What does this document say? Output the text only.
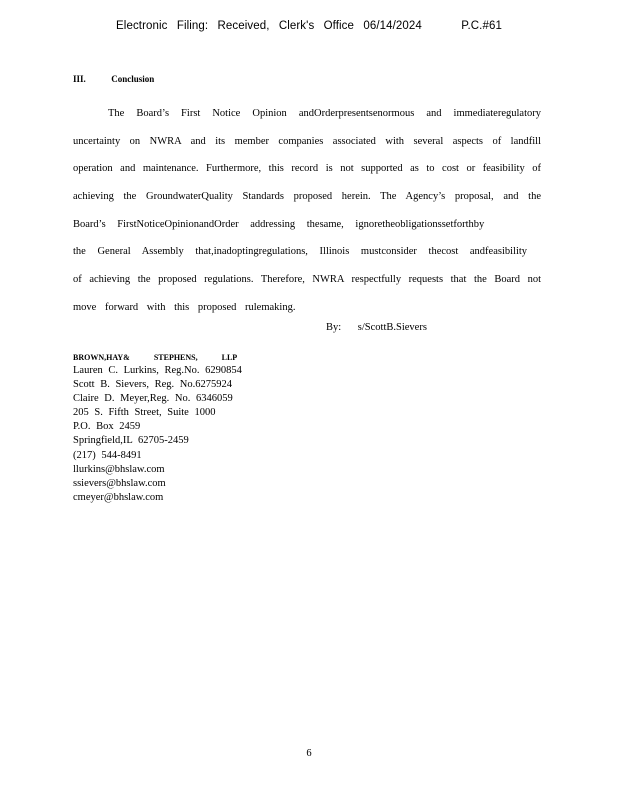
Electronic Filing: Received, Clerk's Office 06/14/2024	P.C.#61
III.	Conclusion
The Board’s First Notice Opinion andOrderpresentsenormous and immediateregulatory
uncertainty on NWRA and its member companies associated with several aspects of landfill
operation and maintenance. Furthermore, this record is not supported as to cost or feasibility of
achieving the GroundwaterQuality Standards proposed herein. The Agency’s proposal, and the
Board’s FirstNoticeOpinionandOrder addressing thesame, ignoretheobligationssetforthby
the General Assembly that,inadoptingregulations, Illinois mustconsider thecost andfeasibility
of achieving the proposed regulations. Therefore, NWRA respectfully requests that the Board not
move forward with this proposed rulemaking.
By: s/ScottB.Sievers
BROWN,HAY& STEPHENS, LLP
Lauren C. Lurkins, Reg.No. 6290854
Scott B. Sievers, Reg. No.6275924
Claire D. Meyer,Reg. No. 6346059
205 S. Fifth Street, Suite 1000
P.O. Box 2459
Springfield,IL 62705-2459
(217) 544-8491
llurkins@bhslaw.com
ssievers@bhslaw.com
cmeyer@bhslaw.com
6
